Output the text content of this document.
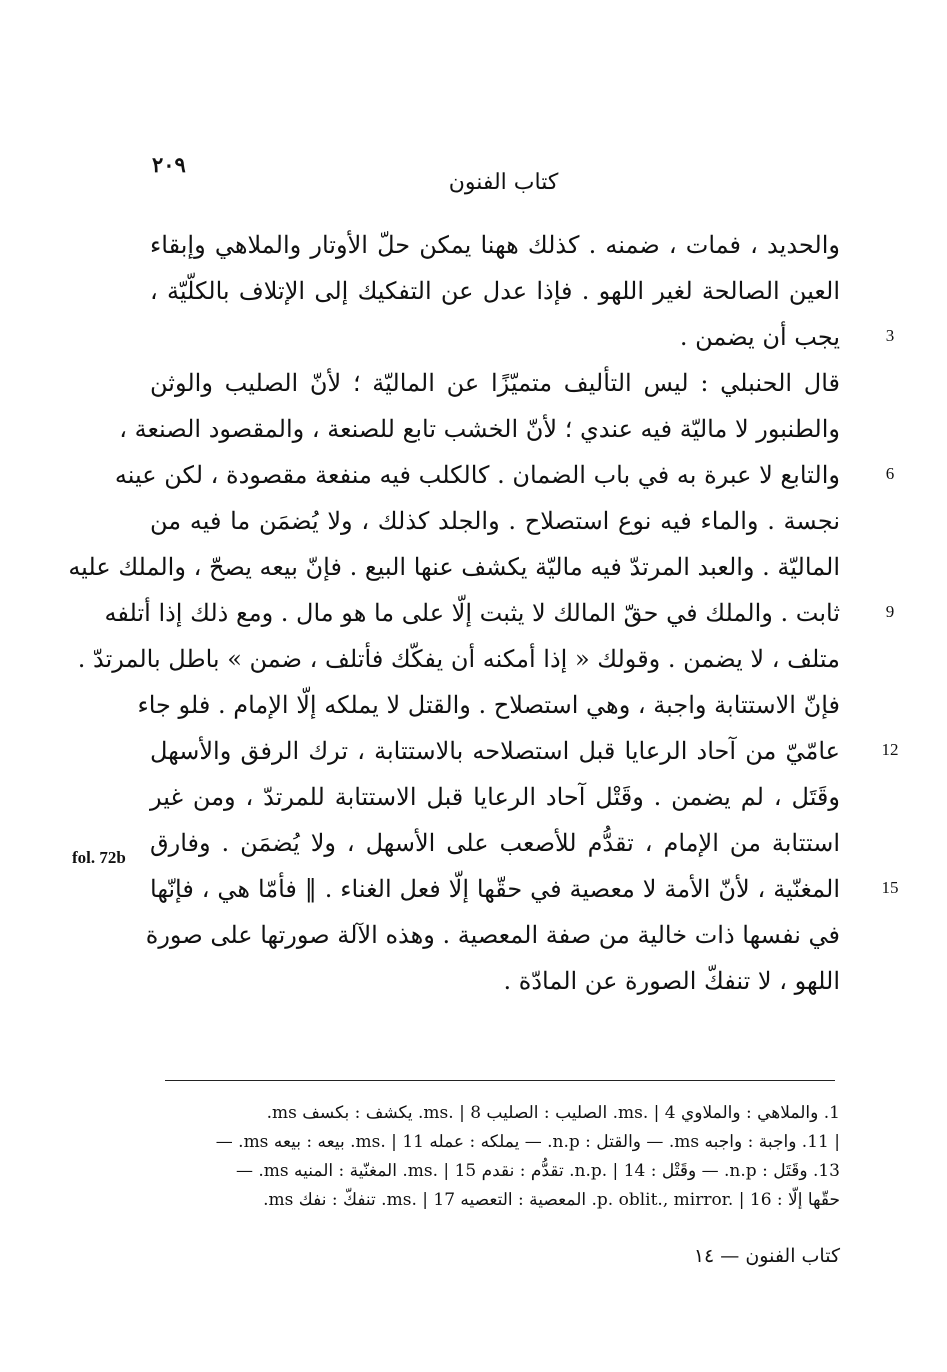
٢٠٩
كتاب الفنون
والحديد ، فمات ، ضمنه . كذلك ههنا يمكن حلّ الأوتار والملاهي وإبقاء
العين الصالحة لغير اللهو . فإذا عدل عن التفكيك إلى الإتلاف بالكلّيّة ،
يجب أن يضمن .
قال الحنبلي : ليس التأليف متميّزًا عن الماليّة ؛ لأنّ الصليب والوثن
والطنبور لا ماليّة فيه عندي ؛ لأنّ الخشب تابع للصنعة ، والمقصود الصنعة ،
والتابع لا عبرة به في باب الضمان . كالكلب فيه منفعة مقصودة ، لكن عينه
نجسة . والماء فيه نوع استصلاح . والجلد كذلك ، ولا يُضمَن ما فيه من
الماليّة . والعبد المرتدّ فيه ماليّة يكشف عنها البيع . فإنّ بيعه يصحّ ، والملك عليه
ثابت . والملك في حقّ المالك لا يثبت إلّا على ما هو مال . ومع ذلك إذا أتلفه
متلف ، لا يضمن . وقولك « إذا أمكنه أن يفكّك فأتلف ، ضمن » باطل بالمرتدّ .
فإنّ الاستتابة واجبة ، وهي استصلاح . والقتل لا يملكه إلّا الإمام . فلو جاء
عامّيّ من آحاد الرعايا قبل استصلاحه بالاستتابة ، ترك الرفق والأسهل
وقَتَل ، لم يضمن . وقَتْل آحاد الرعايا قبل الاستتابة للمرتدّ ، ومن غير
استتابة من الإمام ، تقدُّم للأصعب على الأسهل ، ولا يُضمَن . وفارق
المغنّية ، لأنّ الأمة لا معصية في حقّها إلّا فعل الغناء . ‖ فأمّا هي ، فإنّها
في نفسها ذات خالية من صفة المعصية . وهذه الآلة صورتها على صورة
اللهو ، لا تنفكّ الصورة عن المادّة .
3
6
9
12
15
fol. 72b
1. والملاهي : والملاوي ms. | 4. الصليب : الصليب ms. | 8. يكشف : بكسف ms.
| 11. واجبة : واجبه ms. — والقتل : n.p. — يملكه : عمله ms. | 11. بيعه : بيعه ms. —
13. وقَتَل : n.p. — وقَتْل : n.p. | 14. تقدُّم : نقدم ms. | 15. المغنّية : المنيه ms. —
حقّها إلّا : p. oblit., mirror. | 16. المعصية : التعصيه ms. | 17. تنفكّ : نفك ms.
كتاب الفنون — ١٤
